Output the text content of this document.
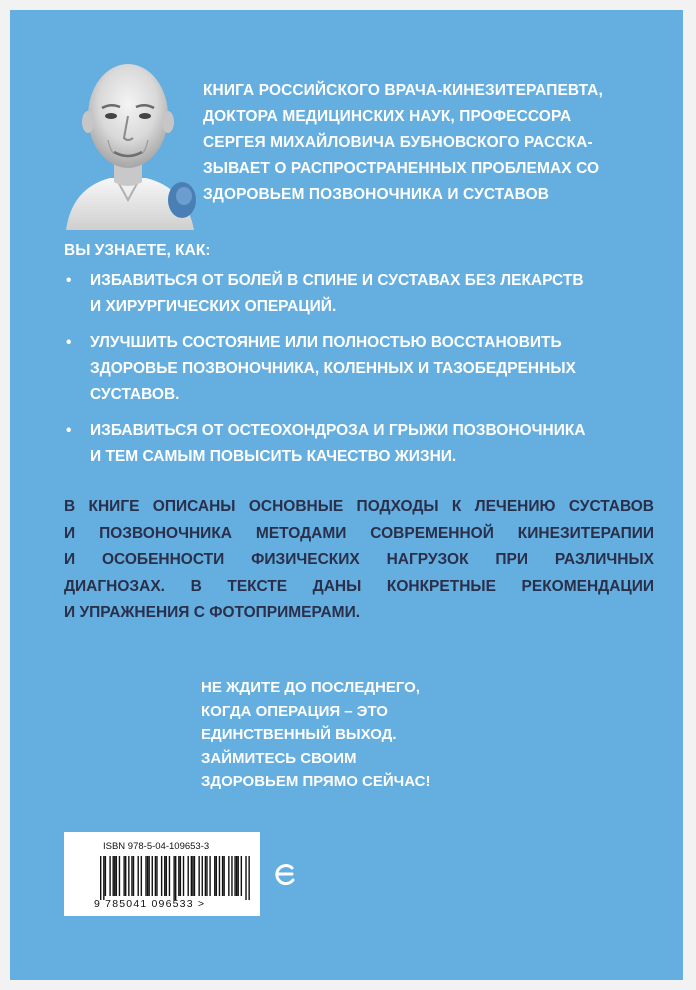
КНИГА РОССИЙСКОГО ВРАЧА-КИНЕЗИТЕРАПЕВТА,
ДОКТОРА МЕДИЦИНСКИХ НАУК, ПРОФЕССОРА
СЕРГЕЯ МИХАЙЛОВИЧА БУБНОВСКОГО РАССКА-
ЗЫВАЕТ О РАСПРОСТРАНЕННЫХ ПРОБЛЕМАХ СО
ЗДОРОВЬЕМ ПОЗВОНОЧНИКА И СУСТАВОВ
ВЫ УЗНАЕТЕ, КАК:
• ИЗБАВИТЬСЯ ОТ БОЛЕЙ В СПИНЕ И СУСТАВАХ БЕЗ ЛЕКАРСТВ
И ХИРУРГИЧЕСКИХ ОПЕРАЦИЙ.
• УЛУЧШИТЬ СОСТОЯНИЕ ИЛИ ПОЛНОСТЬЮ ВОССТАНОВИТЬ
ЗДОРОВЬЕ ПОЗВОНОЧНИКА, КОЛЕННЫХ И ТАЗОБЕДРЕННЫХ
СУСТАВОВ.
• ИЗБАВИТЬСЯ ОТ ОСТЕОХОНДРОЗА И ГРЫЖИ ПОЗВОНОЧНИКА
И ТЕМ САМЫМ ПОВЫСИТЬ КАЧЕСТВО ЖИЗНИ.
В КНИГЕ ОПИСАНЫ ОСНОВНЫЕ ПОДХОДЫ К ЛЕЧЕНИЮ СУСТАВОВ
И ПОЗВОНОЧНИКА МЕТОДАМИ СОВРЕМЕННОЙ КИНЕЗИТЕРАПИИ
И ОСОБЕННОСТИ ФИЗИЧЕСКИХ НАГРУЗОК ПРИ РАЗЛИЧНЫХ
ДИАГНОЗАХ. В ТЕКСТЕ ДАНЫ КОНКРЕТНЫЕ РЕКОМЕНДАЦИИ
И УПРАЖНЕНИЯ С ФОТОПРИМЕРАМИ.
НЕ ЖДИТЕ ДО ПОСЛЕДНЕГО,
КОГДА ОПЕРАЦИЯ – ЭТО
ЕДИНСТВЕННЫЙ ВЫХОД.
ЗАЙМИТЕСЬ СВОИМ
ЗДОРОВЬЕМ ПРЯМО СЕЙЧАС!
ISBN 978-5-04-109653-3
9 785041 096533 >
